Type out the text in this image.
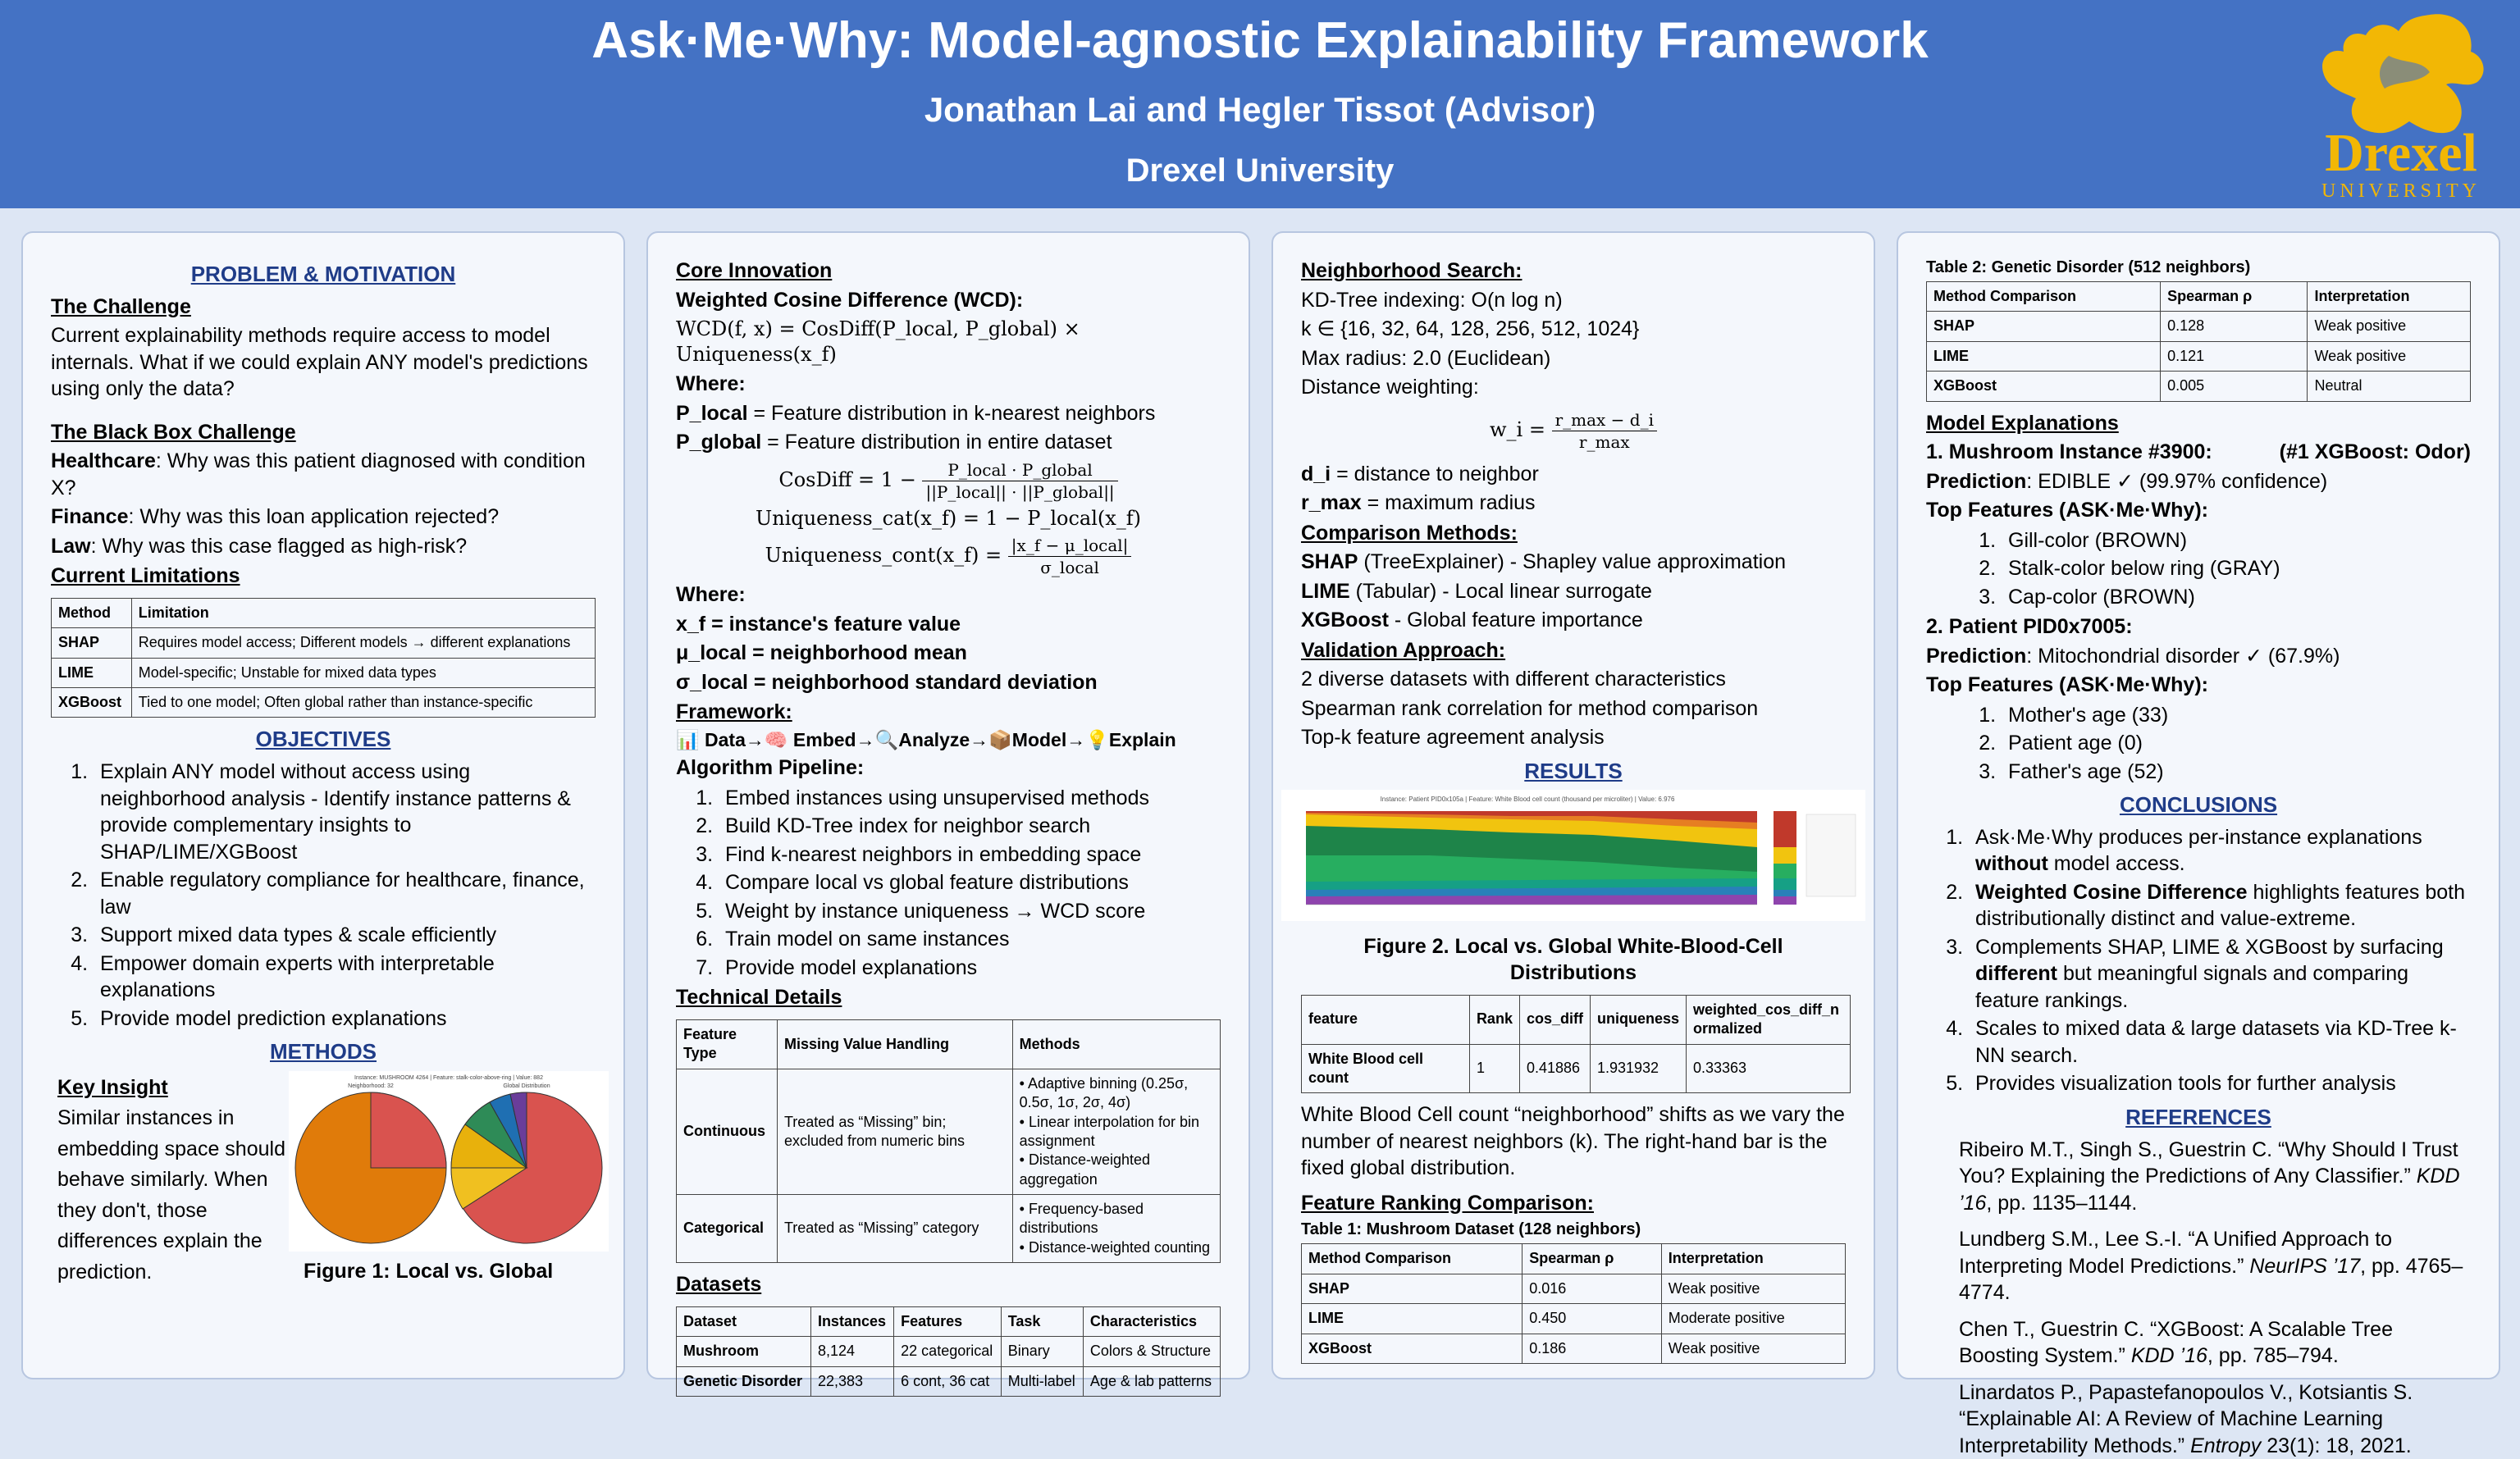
Ask·Me·Why: Model-agnostic Explainability Framework
Jonathan Lai and Hegler Tissot (Advisor)
Drexel University	Drexel
UNIVERSITY
PROBLEM & MOTIVATION
The Challenge

Current explainability methods require access to model internals. What if we could explain ANY model's predictions using only the data?

The Black Box Challenge

Healthcare: Why was this patient diagnosed with condition X?

Finance: Why was this loan application rejected?

Law: Why was this case flagged as high-risk?

Current Limitations
Method	Limitation
SHAP	Requires model access; Different models → different explanations
LIME	Model-specific; Unstable for mixed data types
XGBoost	Tied to one model; Often global rather than instance-specific
OBJECTIVES
1. Explain ANY model without access using neighborhood analysis - Identify instance patterns & provide complementary insights to SHAP/LIME/XGBoost
2. Enable regulatory compliance for healthcare, finance, law
3. Support mixed data types & scale efficiently
4. Empower domain experts with interpretable explanations
5. Provide model prediction explanations
METHODS
Key Insight

Similar instances in embedding space should behave similarly. When they don't, those differences explain the prediction.

Instance: MUSHROOM 4264 | Feature: stalk-color-above-ring | Value: 882
Neighborhood: 32	Global Distribution
Figure 1: Local vs. Global
Core Innovation

Weighted Cosine Difference (WCD):

WCD(f, x) = CosDiff(P_local, P_global) × Uniqueness(x_f)

Where:

P_local = Feature distribution in k-nearest neighbors

P_global = Feature distribution in entire dataset

CosDiff = $1 - \frac{\text{P\_local · P\_global}}{\text{||P\_local|| · ||P\_global||}}$
Uniqueness_cat(x_f) = 1 − P_local(x_f)
Uniqueness_cont(x_f) = $\frac{\text{|x\_f − μ\_local|}}{\text{σ\_local}}$

Where:

x_f = instance's feature value

μ_local = neighborhood mean

σ_local = neighborhood standard deviation

Framework:

📊 Data→🧠 Embed→🔍Analyze→📦Model→💡Explain

Algorithm Pipeline:

1. Embed instances using unsupervised methods
2. Build KD-Tree index for neighbor search
3. Find k-nearest neighbors in embedding space
4. Compare local vs global feature distributions
5. Weight by instance uniqueness → WCD score
6. Train model on same instances
7. Provide model explanations
Technical Details
Feature Type	Missing Value Handling	Methods
Continuous	Treated as “Missing” bin; excluded from numeric bins	• Adaptive binning (0.25σ, 0.5σ, 1σ, 2σ, 4σ)
• Linear interpolation for bin assignment
• Distance-weighted aggregation
Categorical	Treated as “Missing” category	• Frequency-based distributions
• Distance-weighted counting
Datasets
Dataset	Instances	Features	Task	Characteristics
Mushroom	8,124	22 categorical	Binary	Colors & Structure
Genetic Disorder	22,383	6 cont, 36 cat	Multi-label	Age & lab patterns
Neighborhood Search:

KD-Tree indexing: O(n log n)

k ∈ {16, 32, 64, 128, 256, 512, 1024}

Max radius: 2.0 (Euclidean)

Distance weighting:

w_i = $\frac{r\_\max - d\_i}{r\_\max}$

d_i = distance to neighbor

r_max = maximum radius

Comparison Methods:

SHAP (TreeExplainer) - Shapley value approximation

LIME (Tabular) - Local linear surrogate

XGBoost - Global feature importance

Validation Approach:

2 diverse datasets with different characteristics

Spearman rank correlation for method comparison

Top-k feature agreement analysis

RESULTS
Instance: Patient PID0x105a | Feature: White Blood cell count (thousand per microliter) | Value: 6.976
Figure 2. Local vs. Global White-Blood-Cell Distributions
feature	Rank	cos_diff	uniqueness	weighted_cos_diff_normalized
White Blood cell count	1	0.41886	1.931932	0.33363

White Blood Cell count “neighborhood” shifts as we vary the number of nearest neighbors (k). The right-hand bar is the fixed global distribution.

Feature Ranking Comparison:

Table 1: Mushroom Dataset (128 neighbors)

Method Comparison	Spearman ρ	Interpretation
SHAP	0.016	Weak positive
LIME	0.450	Moderate positive
XGBoost	0.186	Weak positive

Table 2: Genetic Disorder (512 neighbors)

Method Comparison	Spearman ρ	Interpretation
SHAP	0.128	Weak positive
LIME	0.121	Weak positive
XGBoost	0.005	Neutral
Model Explanations

1. Mushroom Instance #3900:	(#1 XGBoost: Odor)

Prediction: EDIBLE ✓ (99.97% confidence)

Top Features (ASK·Me·Why):

1. Gill-color (BROWN)
2. Stalk-color below ring (GRAY)
3. Cap-color (BROWN)

2. Patient PID0x7005:

Prediction: Mitochondrial disorder ✓ (67.9%)

Top Features (ASK·Me·Why):

1. Mother's age (33)
2. Patient age (0)
3. Father's age (52)
CONCLUSIONS
1. Ask·Me·Why produces per-instance explanations without model access.
2. Weighted Cosine Difference highlights features both distributionally distinct and value-extreme.
3. Complements SHAP, LIME & XGBoost by surfacing different but meaningful signals and comparing feature rankings.
4. Scales to mixed data & large datasets via KD-Tree k-NN search.
5. Provides visualization tools for further analysis
REFERENCES

Ribeiro M.T., Singh S., Guestrin C. “Why Should I Trust You? Explaining the Predictions of Any Classifier.” KDD ’16, pp. 1135–1144.

Lundberg S.M., Lee S.-I. “A Unified Approach to Interpreting Model Predictions.” NeurIPS ’17, pp. 4765–4774.

Chen T., Guestrin C. “XGBoost: A Scalable Tree Boosting System.” KDD ’16, pp. 785–794.

Linardatos P., Papastefanopoulos V., Kotsiantis S. “Explainable AI: A Review of Machine Learning Interpretability Methods.” Entropy 23(1): 18, 2021.
